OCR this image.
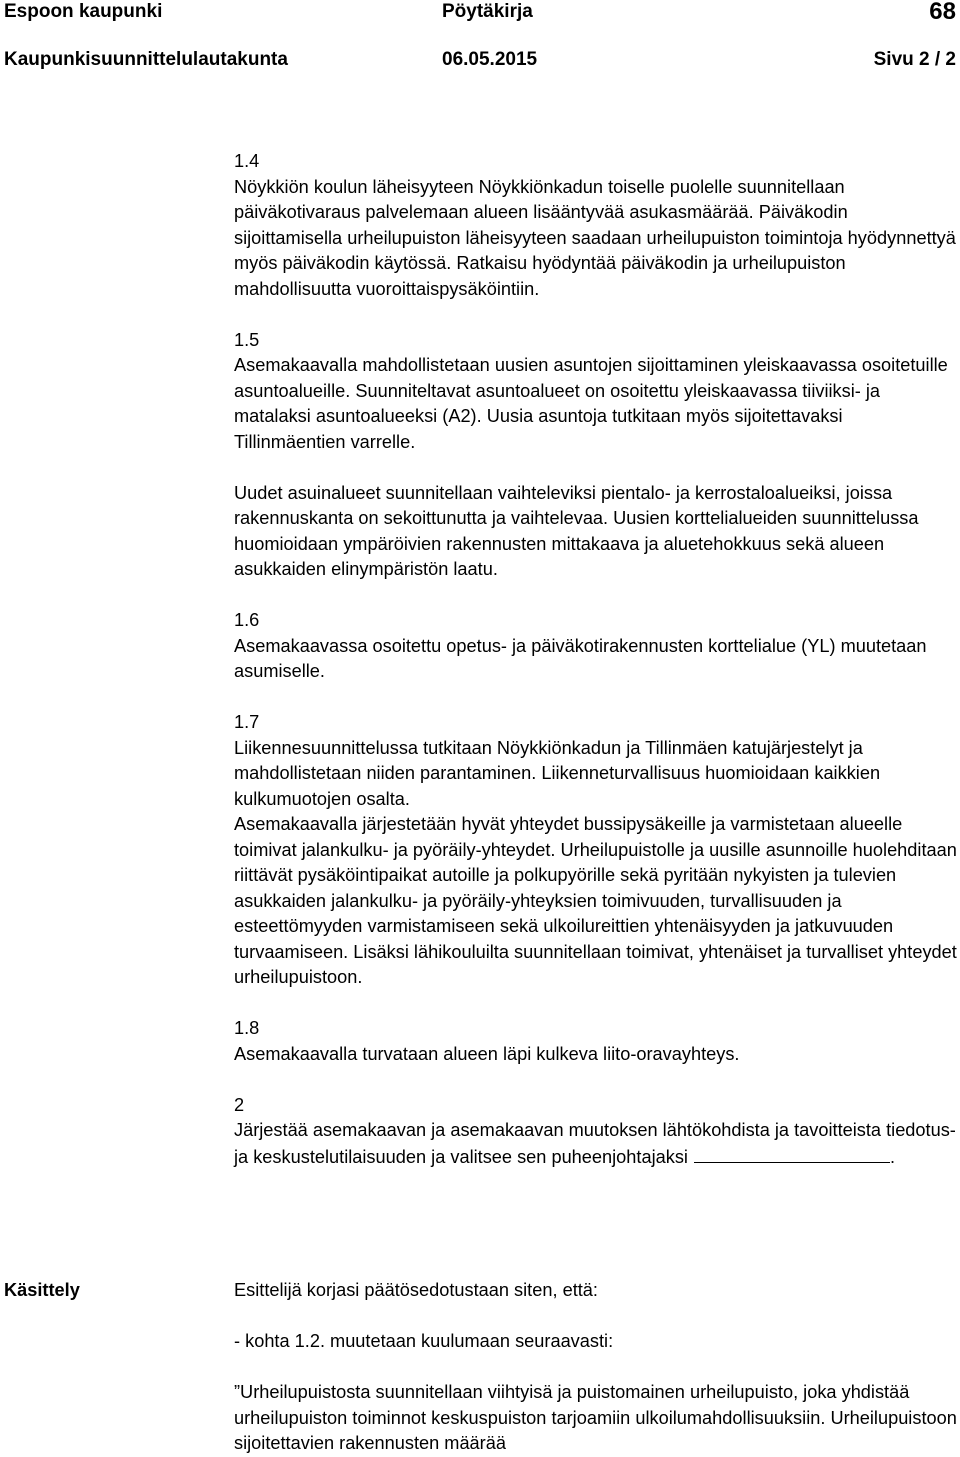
Espoon kaupunki	Pöytäkirja	68
Kaupunkisuunnittelulautakunta	06.05.2015	Sivu 2 / 2

1.4

Nöykkiön koulun läheisyyteen Nöykkiönkadun toiselle puolelle suunnitellaan päiväkotivaraus palvelemaan alueen lisääntyvää asukasmäärää. Päiväkodin sijoittamisella urheilupuiston läheisyyteen saadaan urheilupuiston toimintoja hyödynnettyä myös päiväkodin käytössä. Ratkaisu hyödyntää päiväkodin ja urheilupuiston mahdollisuutta vuoroittaispysäköintiin.

1.5

Asemakaavalla mahdollistetaan uusien asuntojen sijoittaminen yleiskaavassa osoitetuille asuntoalueille. Suunniteltavat asuntoalueet on osoitettu yleiskaavassa tiiviiksi- ja matalaksi asuntoalueeksi (A2). Uusia asuntoja tutkitaan myös sijoitettavaksi Tillinmäentien varrelle.

Uudet asuinalueet suunnitellaan vaihteleviksi pientalo- ja kerrostaloalueiksi, joissa rakennuskanta on sekoittunutta ja vaihtelevaa. Uusien korttelialueiden suunnittelussa huomioidaan ympäröivien rakennusten mittakaava ja aluetehokkuus sekä alueen asukkaiden elinympäristön laatu.

1.6

Asemakaavassa osoitettu opetus- ja päiväkotirakennusten korttelialue (YL) muutetaan asumiselle.

1.7

Liikennesuunnittelussa tutkitaan Nöykkiönkadun ja Tillinmäen katujärjestelyt ja mahdollistetaan niiden parantaminen. Liikenneturvallisuus huomioidaan kaikkien kulkumuotojen osalta.

Asemakaavalla järjestetään hyvät yhteydet bussipysäkeille ja varmistetaan alueelle toimivat jalankulku- ja pyöräily-yhteydet. Urheilupuistolle ja uusille asunnoille huolehditaan riittävät pysäköintipaikat autoille ja polkupyörille sekä pyritään nykyisten ja tulevien asukkaiden jalankulku- ja pyöräily-yhteyksien toimivuuden, turvallisuuden ja esteettömyyden varmistamiseen sekä ulkoilureittien yhtenäisyyden ja jatkuvuuden turvaamiseen. Lisäksi lähikouluilta suunnitellaan toimivat, yhtenäiset ja turvalliset yhteydet urheilupuistoon.

1.8

Asemakaavalla turvataan alueen läpi kulkeva liito-oravayhteys.

2

Järjestää asemakaavan ja asemakaavan muutoksen lähtökohdista ja tavoitteista tiedotus- ja keskustelutilaisuuden ja valitsee sen puheenjohtajaksi	.

Käsittely	Esittelijä korjasi päätösedotustaan siten, että:

- kohta 1.2. muutetaan kuulumaan seuraavasti:

”Urheilupuistosta suunnitellaan viihtyisä ja puistomainen urheilupuisto, joka yhdistää urheilupuiston toiminnot keskuspuiston tarjoamiin ulkoilumahdollisuuksiin. Urheilupuistoon sijoitettavien rakennusten määrää
